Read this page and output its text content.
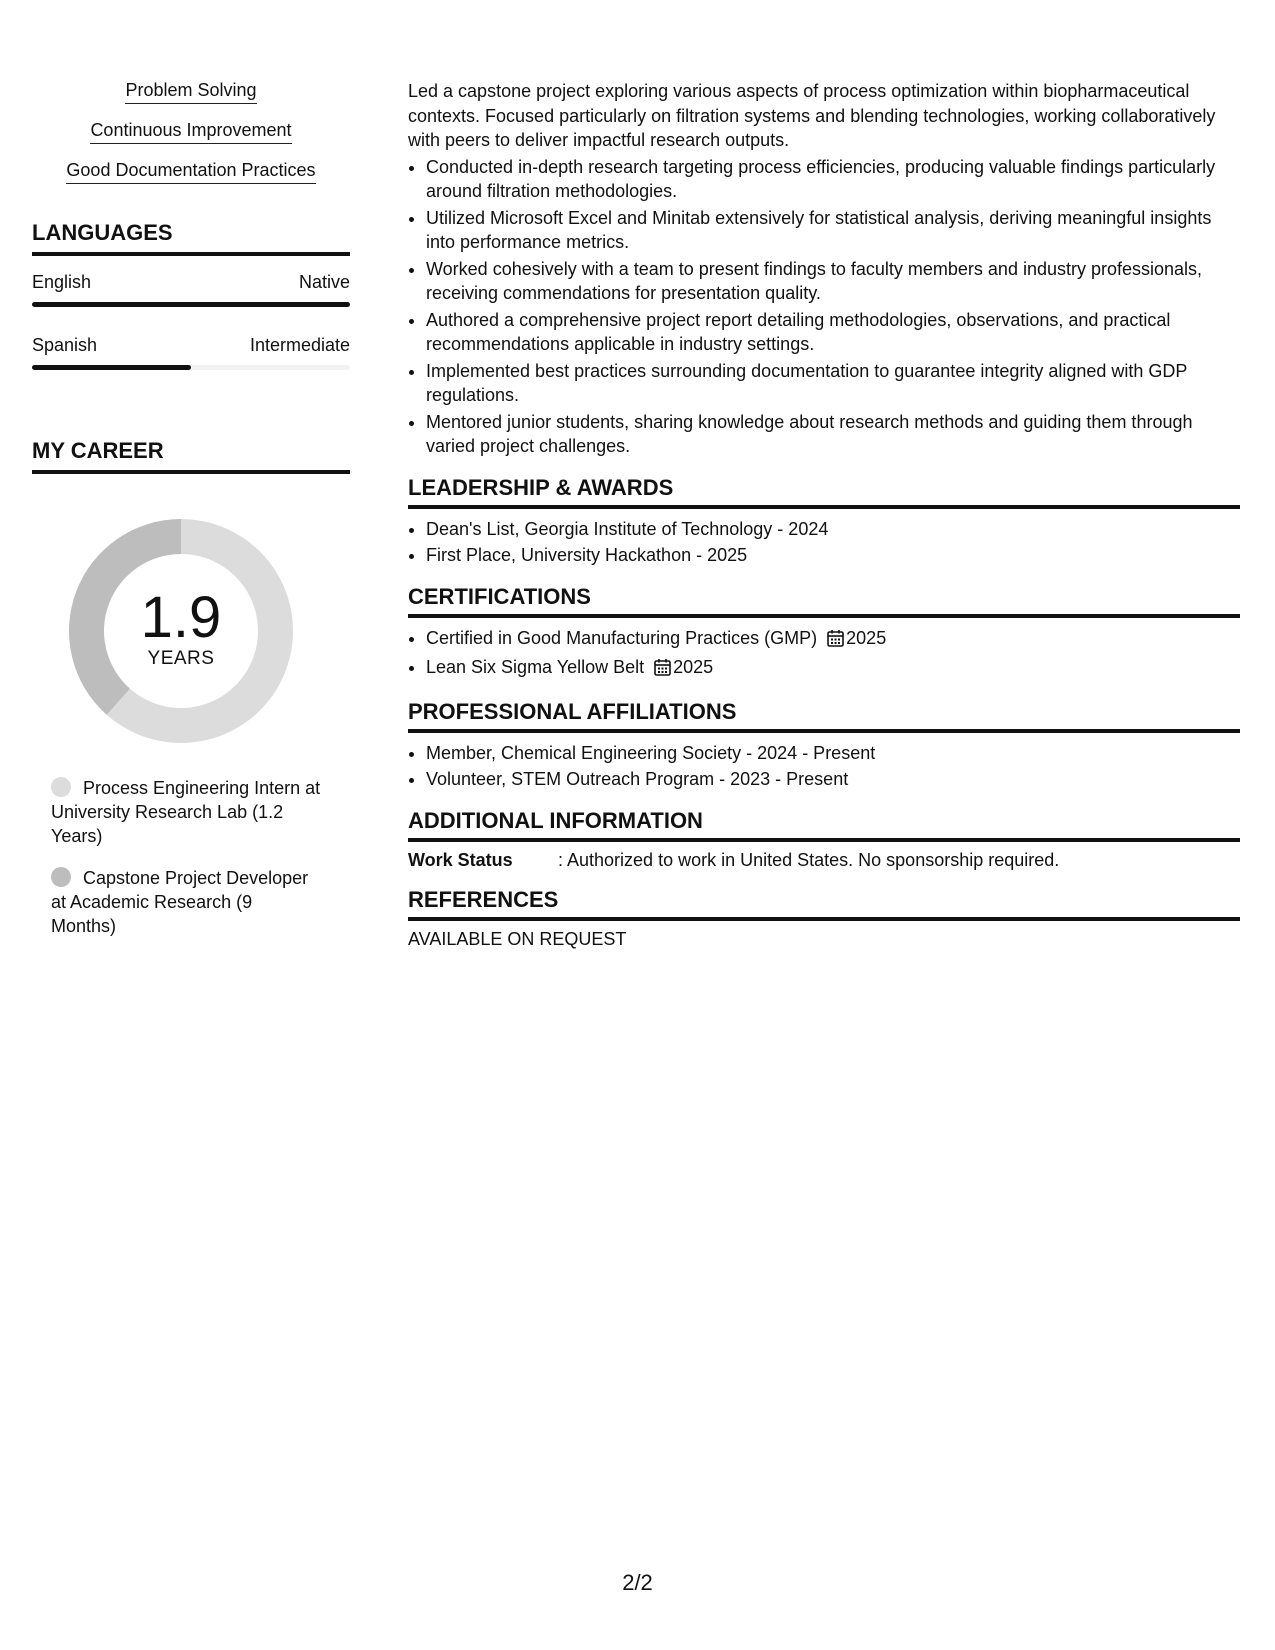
Problem Solving
Continuous Improvement
Good Documentation Practices
LANGUAGES
English	Native
Spanish	Intermediate
MY CAREER
1.9
YEARS
Process Engineering Intern at University Research Lab (1.2 Years)
Capstone Project Developer at Academic Research (9 Months)
Led a capstone project exploring various aspects of process optimization within biopharmaceutical contexts. Focused particularly on filtration systems and blending technologies, working collaboratively with peers to deliver impactful research outputs.
• Conducted in-depth research targeting process efficiencies, producing valuable findings particularly around filtration methodologies.
• Utilized Microsoft Excel and Minitab extensively for statistical analysis, deriving meaningful insights into performance metrics.
• Worked cohesively with a team to present findings to faculty members and industry professionals, receiving commendations for presentation quality.
• Authored a comprehensive project report detailing methodologies, observations, and practical recommendations applicable in industry settings.
• Implemented best practices surrounding documentation to guarantee integrity aligned with GDP regulations.
• Mentored junior students, sharing knowledge about research methods and guiding them through varied project challenges.
LEADERSHIP & AWARDS
• Dean's List, Georgia Institute of Technology - 2024
• First Place, University Hackathon - 2025
CERTIFICATIONS
• Certified in Good Manufacturing Practices (GMP) 2025
• Lean Six Sigma Yellow Belt 2025
PROFESSIONAL AFFILIATIONS
• Member, Chemical Engineering Society - 2024 - Present
• Volunteer, STEM Outreach Program - 2023 - Present
ADDITIONAL INFORMATION
Work Status	: Authorized to work in United States. No sponsorship required.
REFERENCES
AVAILABLE ON REQUEST
2/2
